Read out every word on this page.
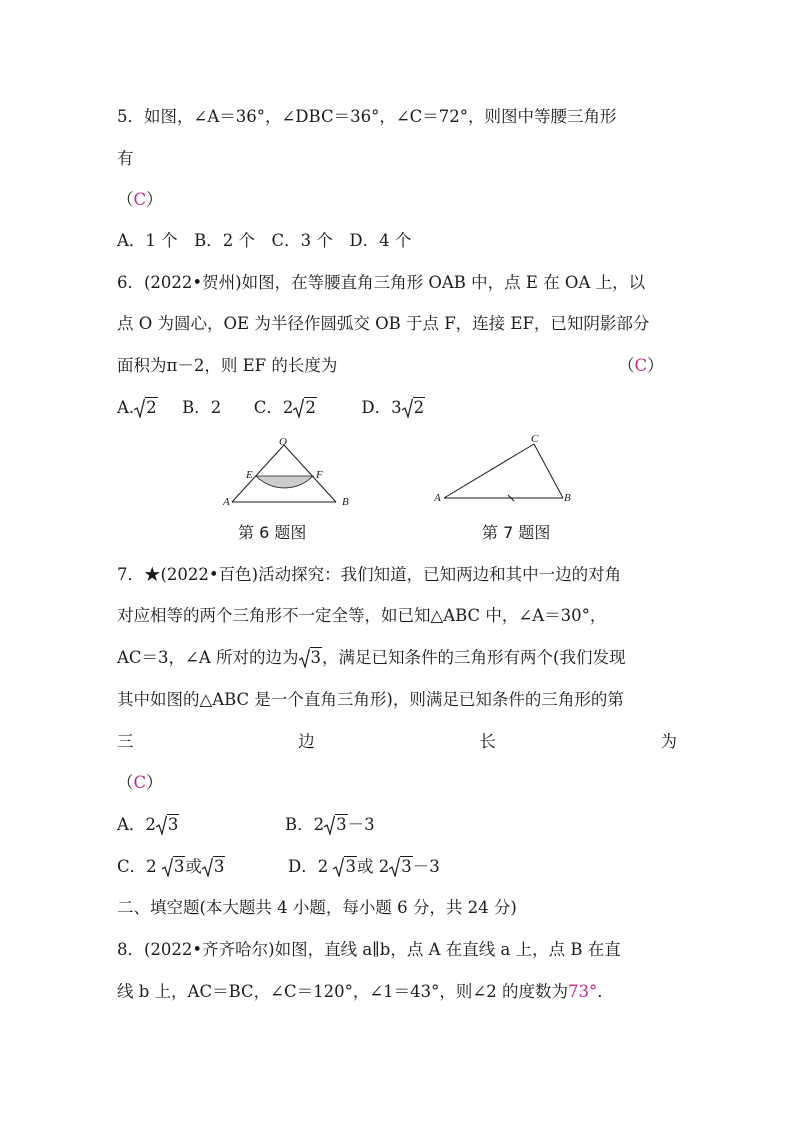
5．如图，∠A＝36°，∠DBC＝36°，∠C＝72°，则图中等腰三角形
有
（C）
A．1 个　B．2 个　C．3 个　D．4 个
6．(2022•贺州)如图，在等腰直角三角形 OAB 中，点 E 在 OA 上，以
点 O 为圆心，OE 为半径作圆弧交 OB 于点 F，连接 EF，已知阴影部分
面积为π－2，则 EF 的长度为	（C）
A. 2 B．2 C．2 2	D．3 2
O
E	F
A	B
第 6 题图
C
A	B
第 7 题图
7．★(2022•百色)活动探究：我们知道，已知两边和其中一边的对角
对应相等的两个三角形不一定全等，如已知△ABC 中，∠A＝30°，
AC＝3，∠A 所对的边为 3，满足已知条件的三角形有两个(我们发现
其中如图的△ABC 是一个直角三角形)，则满足已知条件的三角形的第
三	边	长	为
（C）
A．2 3	B．2 3－3
C．2 3或 3	D．2 3或 2 3－3
二、填空题(本大题共 4 小题，每小题 6 分，共 24 分)
8．(2022•齐齐哈尔)如图，直线 a∥b，点 A 在直线 a 上，点 B 在直
线 b 上，AC＝BC，∠C＝120°，∠1＝43°，则∠2 的度数为73°．
